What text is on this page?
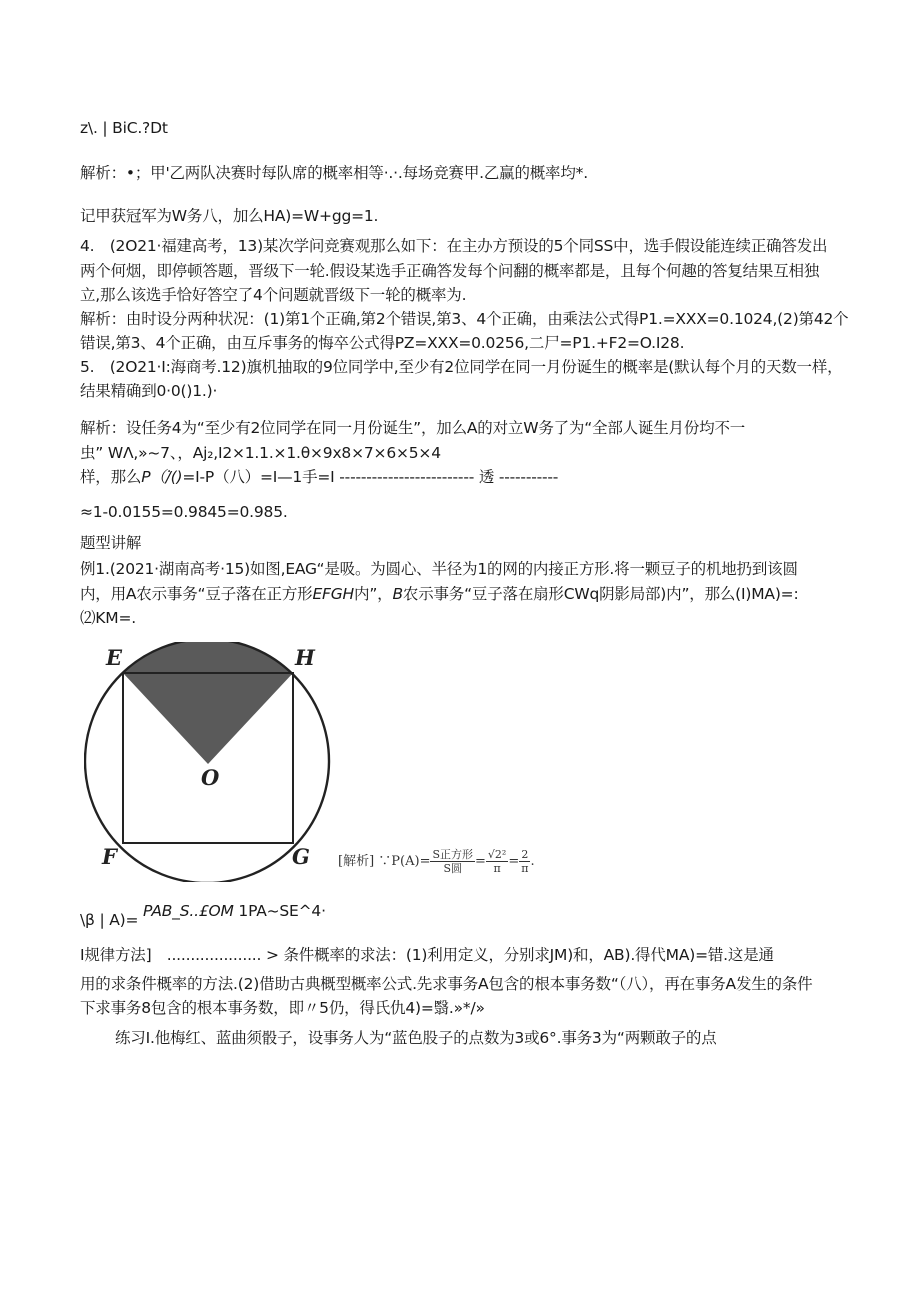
z\. | BiC.?Dt
解析：•；甲'乙两队决赛时每队席的概率相等·.·.每场竞赛甲.乙赢的概率均*.
记甲获冠军为W务八，加么HA)=W+gg=1.
4.　(2O21·福建高考，13)某次学问竞赛观那么如下：在主办方预设的5个同SS中，选手假设能连续正确答发出
两个何烟，即停顿答题，晋级下一轮.假设某选手正确答发每个问翻的概率都是，且每个何趣的答复结果互相独
立,那么该选手恰好答空了4个问题就晋级下一轮的概率为.
解析：由时设分两种状况：(1)第1个正确,第2个错误,第3、4个正确，由乘法公式得P1.=XXX=0.1024,(2)第42个
错误,第3、4个正确，由互斥事务的悔卒公式得PZ=XXX=0.0256,二尸=P1.+F2=O.I28.
5.　(2O21·I:海商考.12)旗机抽取的9位同学中,至少有2位同学在同一月份诞生的概率是(默认每个月的天数一样，
结果精确到0·0()1.)·
解析：设任务4为“至少有2位同学在同一月份诞生”，加么A的对立W务了为“全部人诞生月份均不一
虫” WΛ,»~7、，Aj₂,I2×1.1.×1.θ×9x8×7×6×5×4
样，那么P（/̇()=I-P（八）=I—1手=I ------------------------- 透 -----------
≈1-0.0155=0.9845=0.985.
题型讲解
例1.(2021·湖南高考·15)如图,EAG“是吸。为圆心、半径为1的网的内接正方形.将一颗豆子的机地扔到该圆
内，用A农示事务“豆子落在正方形EFGH内”，B农示事务“豆子落在扇形CWq阴影局部)内”，那么(I)MA)=:
⑵KM=.
E	H
O
F	G [解析] ∵P(A)= $\frac{\text{S正方形}}{\text{S圆}} = \frac{\text{√2²}}{\pi} = \frac{2}{\pi}$ .
\β | A)= PAB_S..£OM 1PA~SE^4·
I规律方法]　.................... > 条件概率的求法：(1)利用定义，分别求JM)和，AB).得代MA)=错.这是通
用的求条件概率的方法.(2)借助古典概型概率公式.先求事务A包含的根本事务数“（八），再在事务A发生的条件
下求事务8包含的根本事务数，即〃5仍，得氏仇4)=翳.»*/»
练习I.他梅红、蓝曲须骰子，设事务人为“蓝色股子的点数为3或6°.事务3为“两颗敢子的点
